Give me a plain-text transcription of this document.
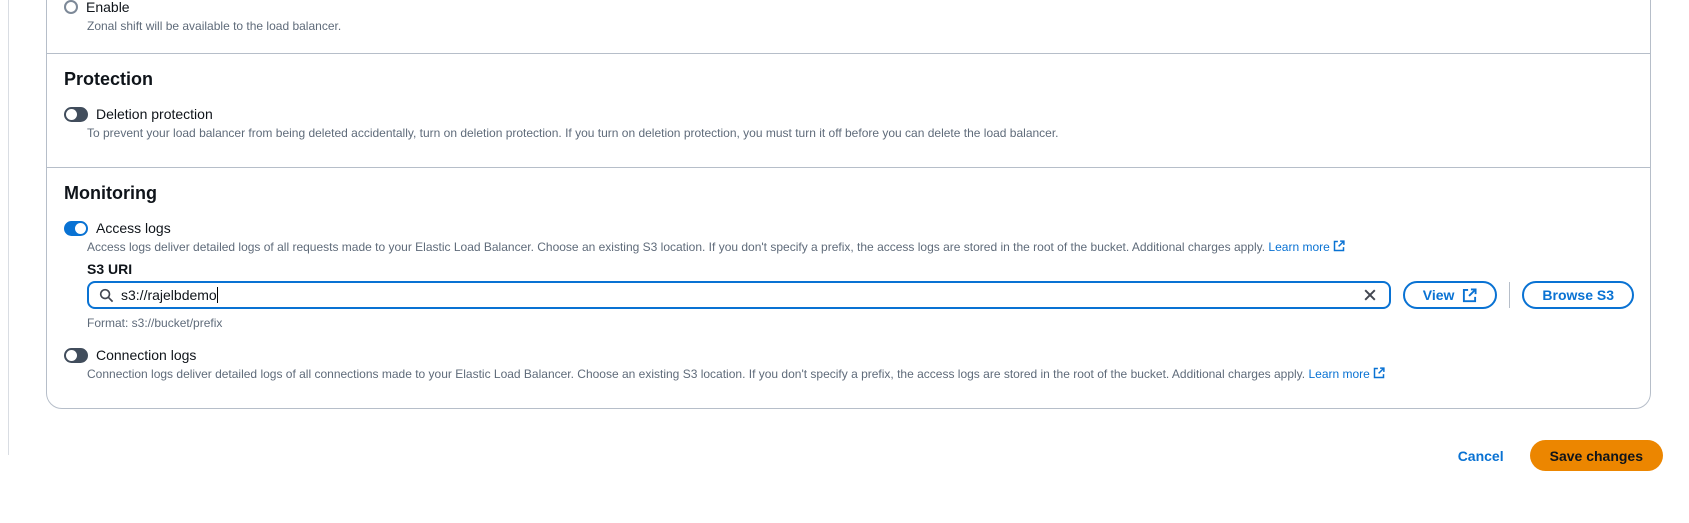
Enable
Zonal shift will be available to the load balancer.
Protection
Deletion protection
To prevent your load balancer from being deleted accidentally, turn on deletion protection. If you turn on deletion protection, you must turn it off before you can delete the load balancer.
Monitoring
Access logs
Access logs deliver detailed logs of all requests made to your Elastic Load Balancer. Choose an existing S3 location. If you don't specify a prefix, the access logs are stored in the root of the bucket. Additional charges apply. Learn more
S3 URI
s3://rajelbdemo	View	Browse S3
Format: s3://bucket/prefix
Connection logs
Connection logs deliver detailed logs of all connections made to your Elastic Load Balancer. Choose an existing S3 location. If you don't specify a prefix, the access logs are stored in the root of the bucket. Additional charges apply. Learn more
Cancel	Save changes
